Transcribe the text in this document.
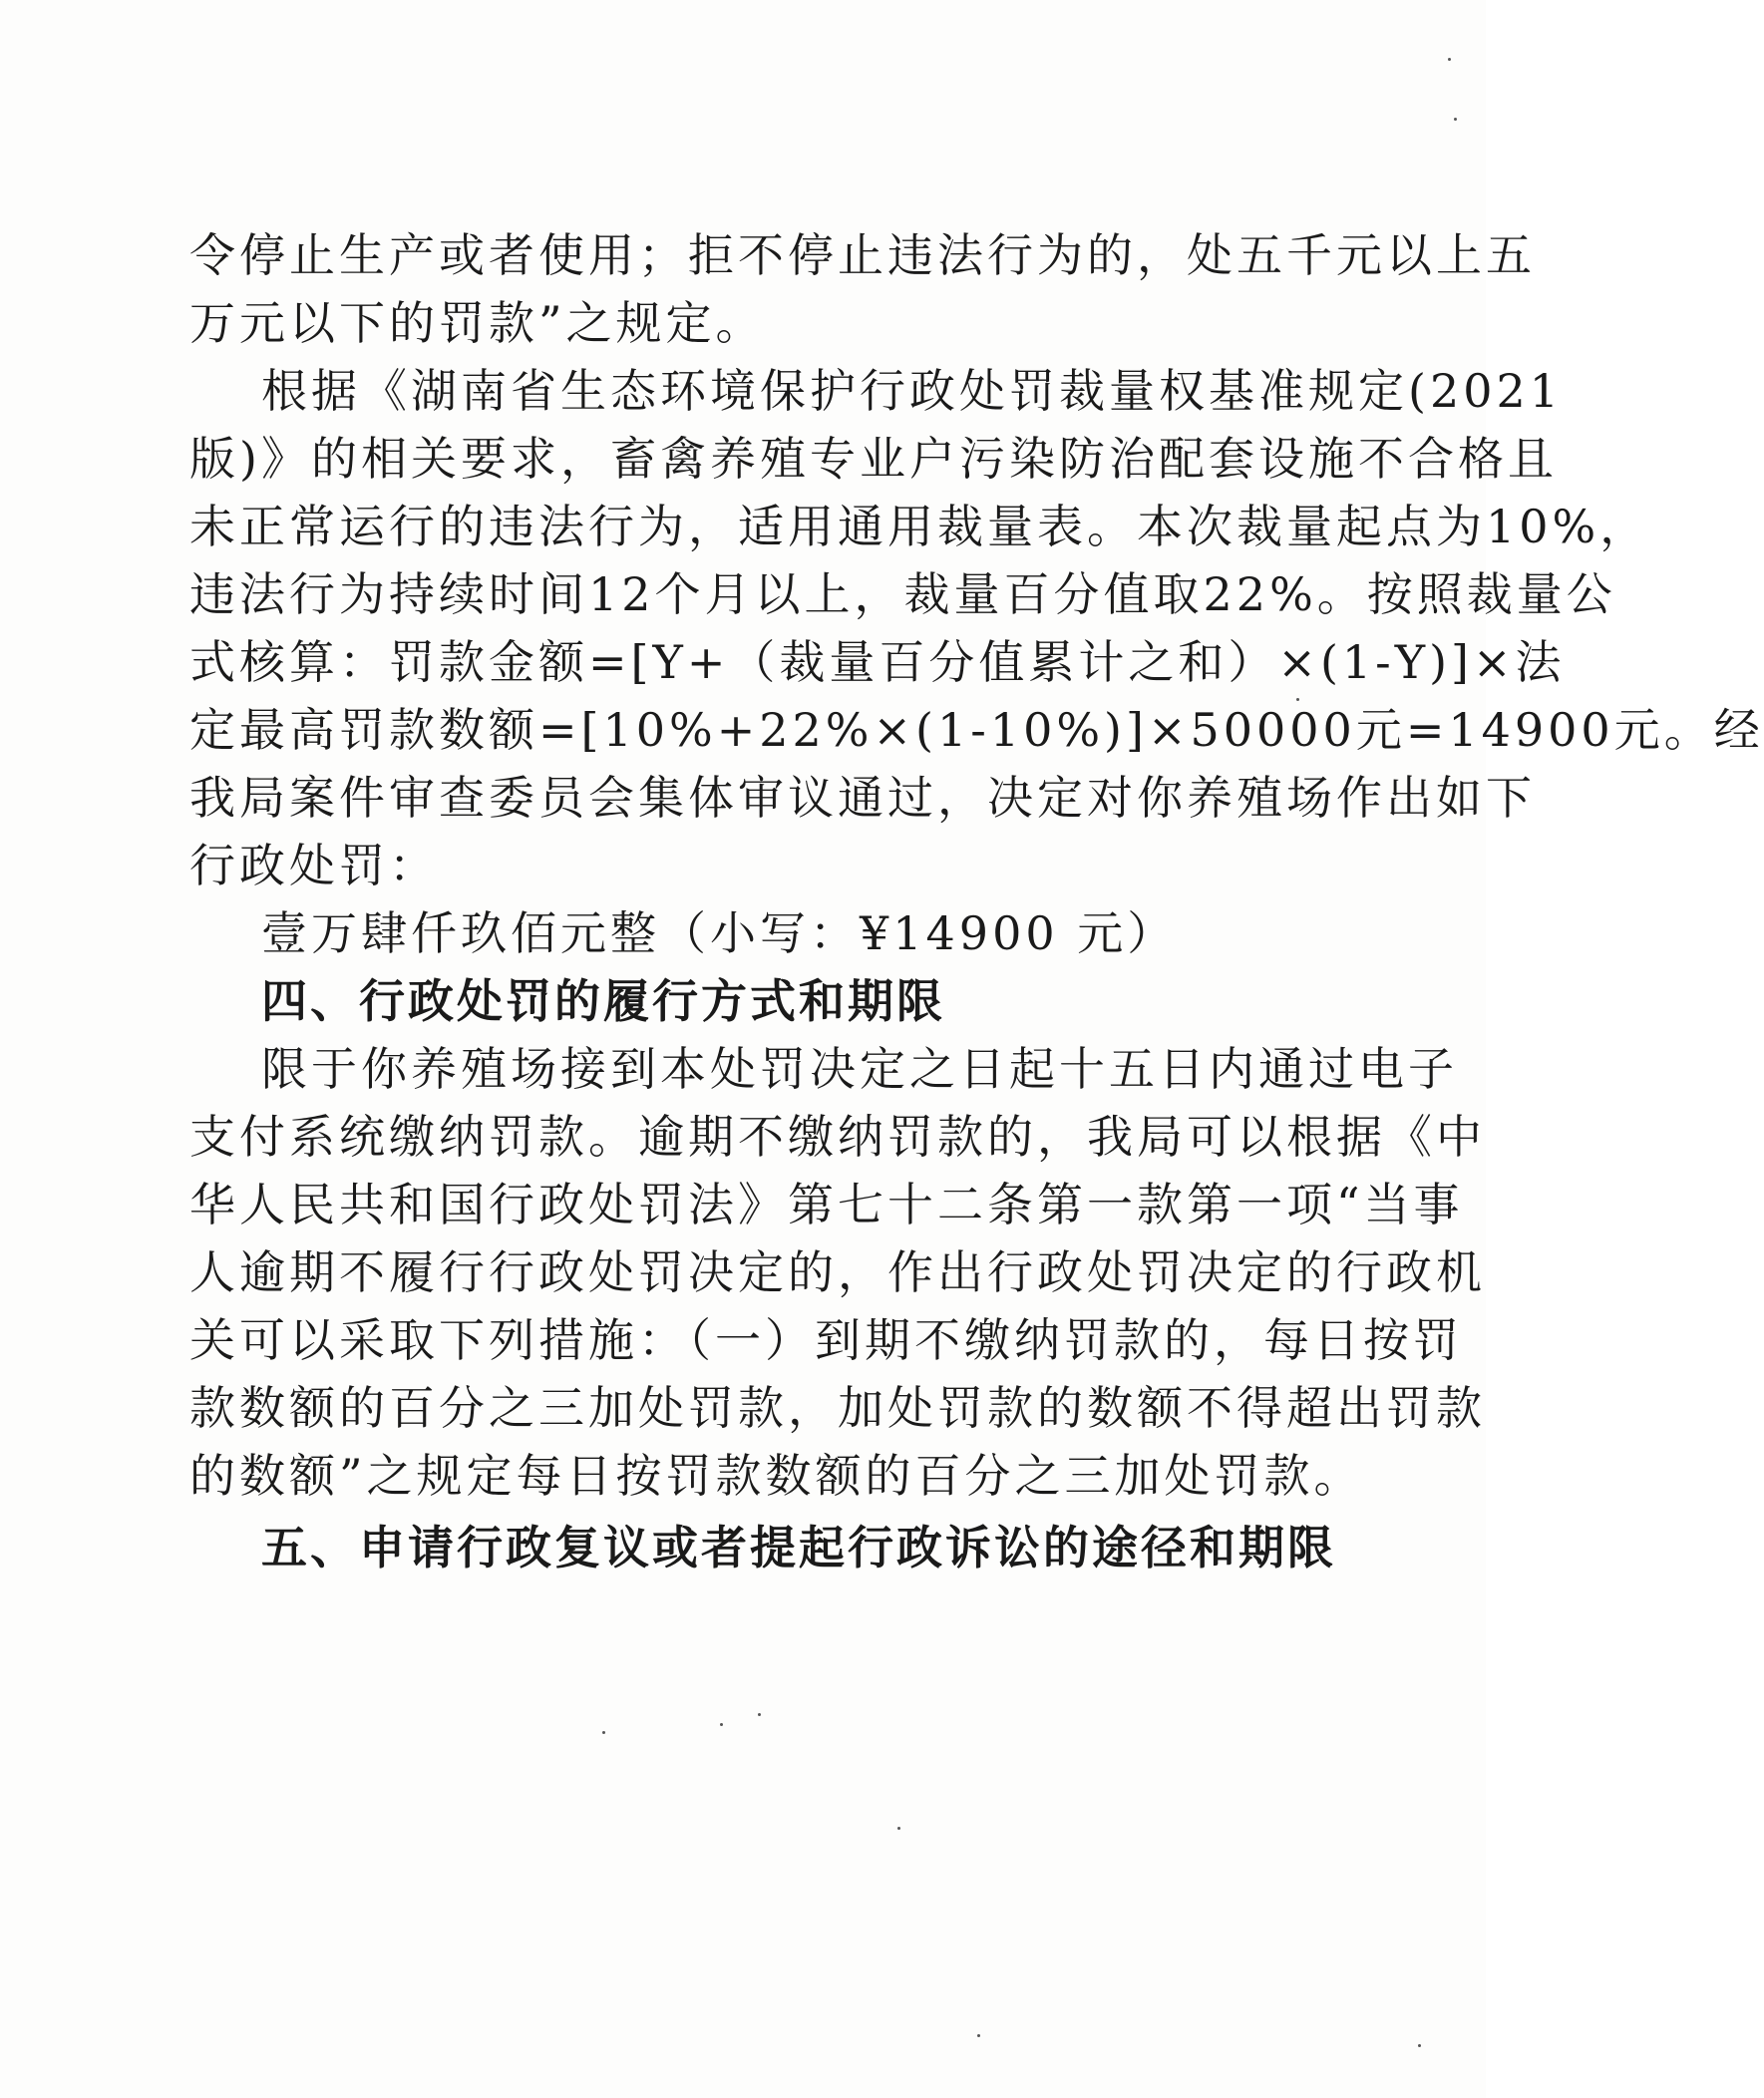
令停止生产或者使用；拒不停止违法行为的，处五千元以上五
万元以下的罚款”之规定。
根据《湖南省生态环境保护行政处罚裁量权基准规定(2021
版)》的相关要求，畜禽养殖专业户污染防治配套设施不合格且
未正常运行的违法行为，适用通用裁量表。本次裁量起点为10%，
违法行为持续时间12个月以上，裁量百分值取22%。按照裁量公
式核算：罚款金额=[Y+（裁量百分值累计之和）×(1-Y)]×法
定最高罚款数额=[10%+22%×(1-10%)]×50000元=14900元。经
我局案件审查委员会集体审议通过，决定对你养殖场作出如下
行政处罚：
壹万肆仟玖佰元整（小写：¥14900 元）
四、行政处罚的履行方式和期限
限于你养殖场接到本处罚决定之日起十五日内通过电子
支付系统缴纳罚款。逾期不缴纳罚款的，我局可以根据《中
华人民共和国行政处罚法》第七十二条第一款第一项“当事
人逾期不履行行政处罚决定的，作出行政处罚决定的行政机
关可以采取下列措施：（一）到期不缴纳罚款的，每日按罚
款数额的百分之三加处罚款，加处罚款的数额不得超出罚款
的数额”之规定每日按罚款数额的百分之三加处罚款。
五、申请行政复议或者提起行政诉讼的途径和期限
